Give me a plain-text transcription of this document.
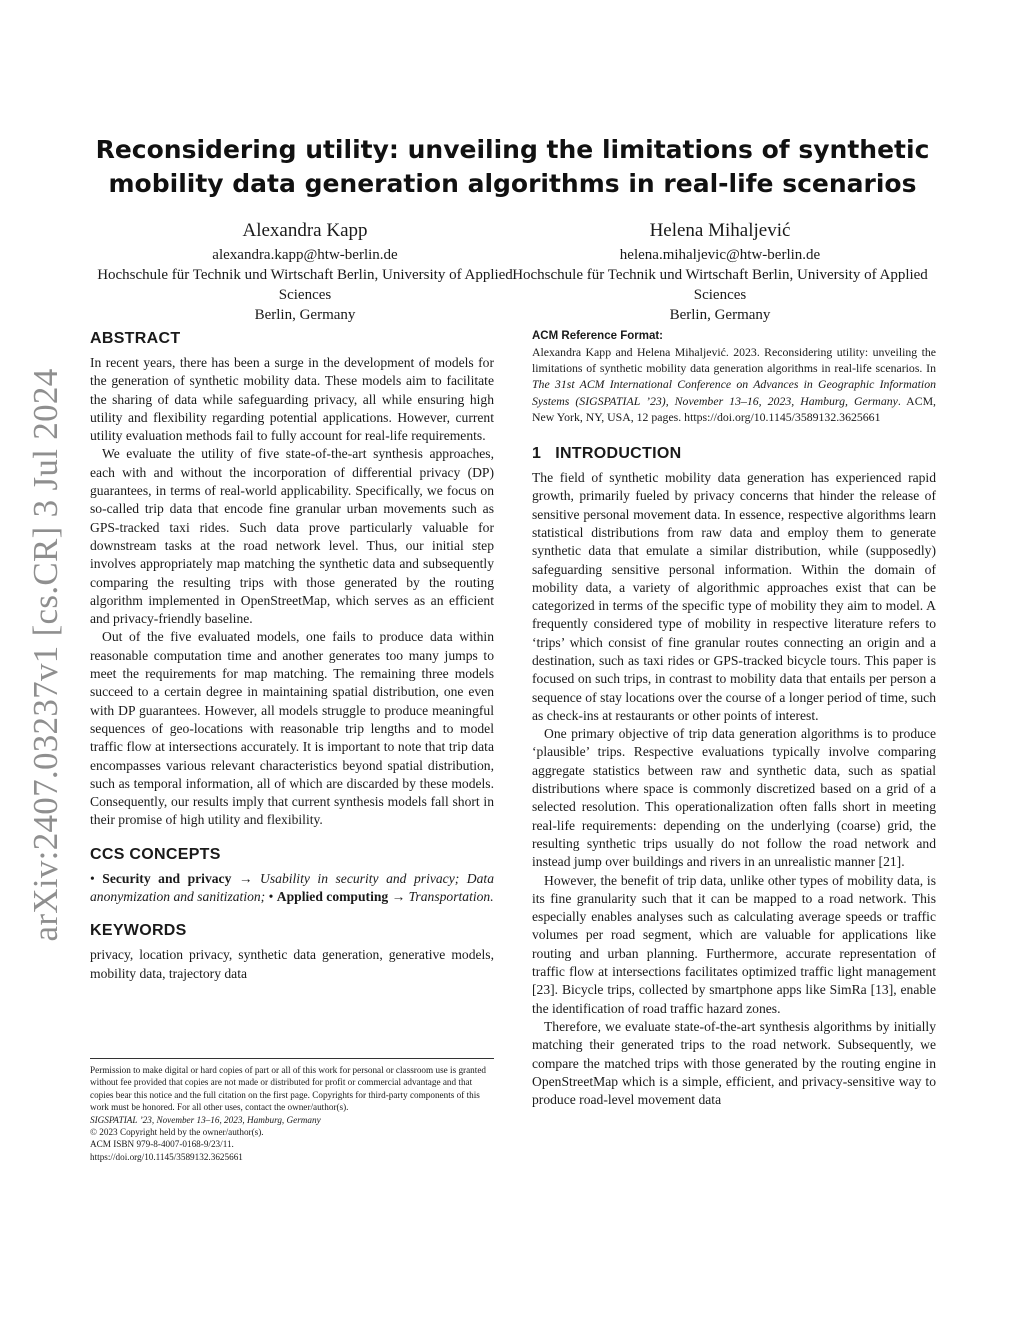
arXiv:2407.03237v1 [cs.CR] 3 Jul 2024
Reconsidering utility: unveiling the limitations of synthetic mobility data generation algorithms in real-life scenarios
Alexandra Kapp
alexandra.kapp@htw-berlin.de
Hochschule für Technik und Wirtschaft Berlin, University of Applied Sciences
Berlin, Germany
Helena Mihaljević
helena.mihaljevic@htw-berlin.de
Hochschule für Technik und Wirtschaft Berlin, University of Applied Sciences
Berlin, Germany
ABSTRACT

In recent years, there has been a surge in the development of models for the generation of synthetic mobility data. These models aim to facilitate the sharing of data while safeguarding privacy, all while ensuring high utility and flexibility regarding potential applications. However, current utility evaluation methods fail to fully account for real-life requirements.

We evaluate the utility of five state-of-the-art synthesis approaches, each with and without the incorporation of differential privacy (DP) guarantees, in terms of real-world applicability. Specifically, we focus on so-called trip data that encode fine granular urban movements such as GPS-tracked taxi rides. Such data prove particularly valuable for downstream tasks at the road network level. Thus, our initial step involves appropriately map matching the synthetic data and subsequently comparing the resulting trips with those generated by the routing algorithm implemented in OpenStreetMap, which serves as an efficient and privacy-friendly baseline.

Out of the five evaluated models, one fails to produce data within reasonable computation time and another generates too many jumps to meet the requirements for map matching. The remaining three models succeed to a certain degree in maintaining spatial distribution, one even with DP guarantees. However, all models struggle to produce meaningful sequences of geo-locations with reasonable trip lengths and to model traffic flow at intersections accurately. It is important to note that trip data encompasses various relevant characteristics beyond spatial distribution, such as temporal information, all of which are discarded by these models. Consequently, our results imply that current synthesis models fall short in their promise of high utility and flexibility.

CCS CONCEPTS
• Security and privacy → Usability in security and privacy; Data anonymization and sanitization; • Applied computing → Transportation.
KEYWORDS
privacy, location privacy, synthetic data generation, generative models, mobility data, trajectory data
Permission to make digital or hard copies of part or all of this work for personal or classroom use is granted without fee provided that copies are not made or distributed for profit or commercial advantage and that copies bear this notice and the full citation on the first page. Copyrights for third-party components of this work must be honored. For all other uses, contact the owner/author(s).
SIGSPATIAL ’23, November 13–16, 2023, Hamburg, Germany
© 2023 Copyright held by the owner/author(s).
ACM ISBN 979-8-4007-0168-9/23/11.
https://doi.org/10.1145/3589132.3625661
ACM Reference Format:
Alexandra Kapp and Helena Mihaljević. 2023. Reconsidering utility: unveiling the limitations of synthetic mobility data generation algorithms in real-life scenarios. In The 31st ACM International Conference on Advances in Geographic Information Systems (SIGSPATIAL ’23), November 13–16, 2023, Hamburg, Germany. ACM, New York, NY, USA, 12 pages. https://doi.org/10.1145/3589132.3625661
1 INTRODUCTION

The field of synthetic mobility data generation has experienced rapid growth, primarily fueled by privacy concerns that hinder the release of sensitive personal movement data. In essence, respective algorithms learn statistical distributions from raw data and employ them to generate synthetic data that emulate a similar distribution, while (supposedly) safeguarding sensitive personal information. Within the domain of mobility data, a variety of algorithmic approaches exist that can be categorized in terms of the specific type of mobility they aim to model. A frequently considered type of mobility in respective literature refers to ‘trips’ which consist of fine granular routes connecting an origin and a destination, such as taxi rides or GPS-tracked bicycle tours. This paper is focused on such trips, in contrast to mobility data that entails per person a sequence of stay locations over the course of a longer period of time, such as check-ins at restaurants or other points of interest.

One primary objective of trip data generation algorithms is to produce ‘plausible’ trips. Respective evaluations typically involve comparing aggregate statistics between raw and synthetic data, such as spatial distributions where space is commonly discretized based on a grid of a selected resolution. This operationalization often falls short in meeting real-life requirements: depending on the underlying (coarse) grid, the resulting synthetic trips usually do not follow the road network and instead jump over buildings and rivers in an unrealistic manner [21].

However, the benefit of trip data, unlike other types of mobility data, is its fine granularity such that it can be mapped to a road network. This especially enables analyses such as calculating average speeds or traffic volumes per road segment, which are valuable for applications like routing and urban planning. Furthermore, accurate representation of traffic flow at intersections facilitates optimized traffic light management [23]. Bicycle trips, collected by smartphone apps like SimRa [13], enable the identification of road traffic hazard zones.

Therefore, we evaluate state-of-the-art synthesis algorithms by initially matching their generated trips to the road network. Subsequently, we compare the matched trips with those generated by the routing engine in OpenStreetMap which is a simple, efficient, and privacy-sensitive way to produce road-level movement data
